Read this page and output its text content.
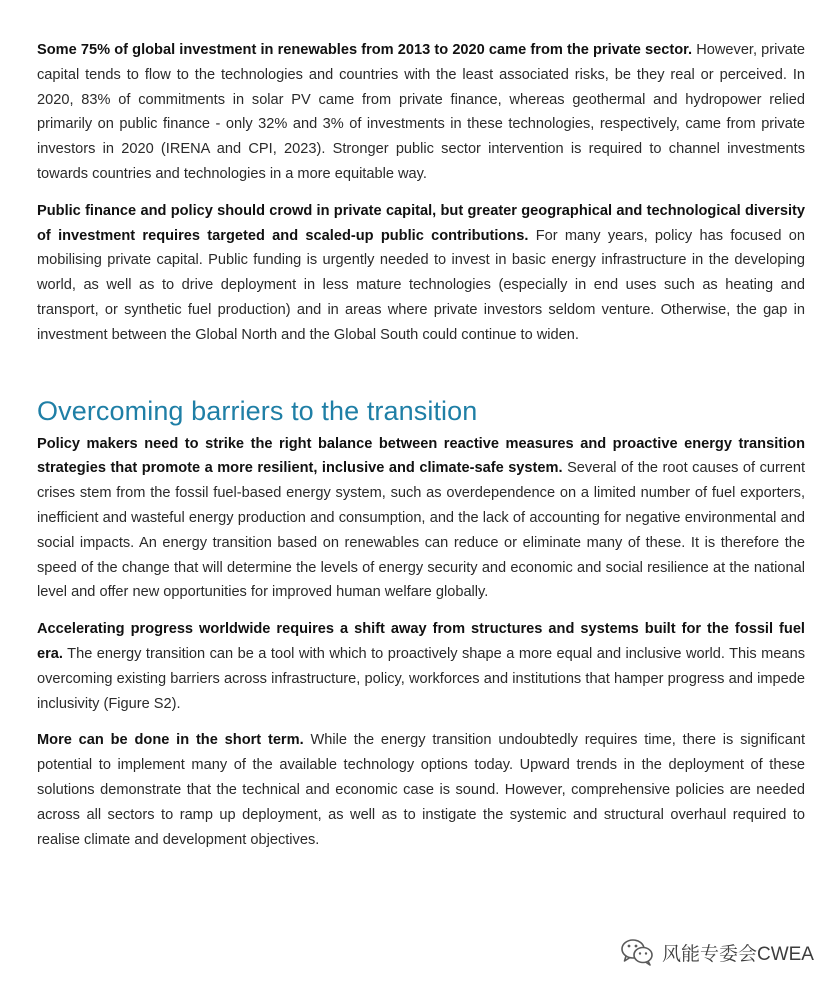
Some 75% of global investment in renewables from 2013 to 2020 came from the private sector. However, private capital tends to flow to the technologies and countries with the least associated risks, be they real or perceived. In 2020, 83% of commitments in solar PV came from private finance, whereas geothermal and hydropower relied primarily on public finance - only 32% and 3% of investments in these technologies, respectively, came from private investors in 2020 (IRENA and CPI, 2023). Stronger public sector intervention is required to channel investments towards countries and technologies in a more equitable way.

Public finance and policy should crowd in private capital, but greater geographical and technological diversity of investment requires targeted and scaled-up public contributions. For many years, policy has focused on mobilising private capital. Public funding is urgently needed to invest in basic energy infrastructure in the developing world, as well as to drive deployment in less mature technologies (especially in end uses such as heating and transport, or synthetic fuel production) and in areas where private investors seldom venture. Otherwise, the gap in investment between the Global North and the Global South could continue to widen.

Overcoming barriers to the transition

Policy makers need to strike the right balance between reactive measures and proactive energy transition strategies that promote a more resilient, inclusive and climate-safe system. Several of the root causes of current crises stem from the fossil fuel-based energy system, such as overdependence on a limited number of fuel exporters, inefficient and wasteful energy production and consumption, and the lack of accounting for negative environmental and social impacts. An energy transition based on renewables can reduce or eliminate many of these. It is therefore the speed of the change that will determine the levels of energy security and economic and social resilience at the national level and offer new opportunities for improved human welfare globally.

Accelerating progress worldwide requires a shift away from structures and systems built for the fossil fuel era. The energy transition can be a tool with which to proactively shape a more equal and inclusive world. This means overcoming existing barriers across infrastructure, policy, workforces and institutions that hamper progress and impede inclusivity (Figure S2).

More can be done in the short term. While the energy transition undoubtedly requires time, there is significant potential to implement many of the available technology options today. Upward trends in the deployment of these solutions demonstrate that the technical and economic case is sound. However, comprehensive policies are needed across all sectors to ramp up deployment, as well as to instigate the systemic and structural overhaul required to realise climate and development objectives.

风能专委会CWEA
